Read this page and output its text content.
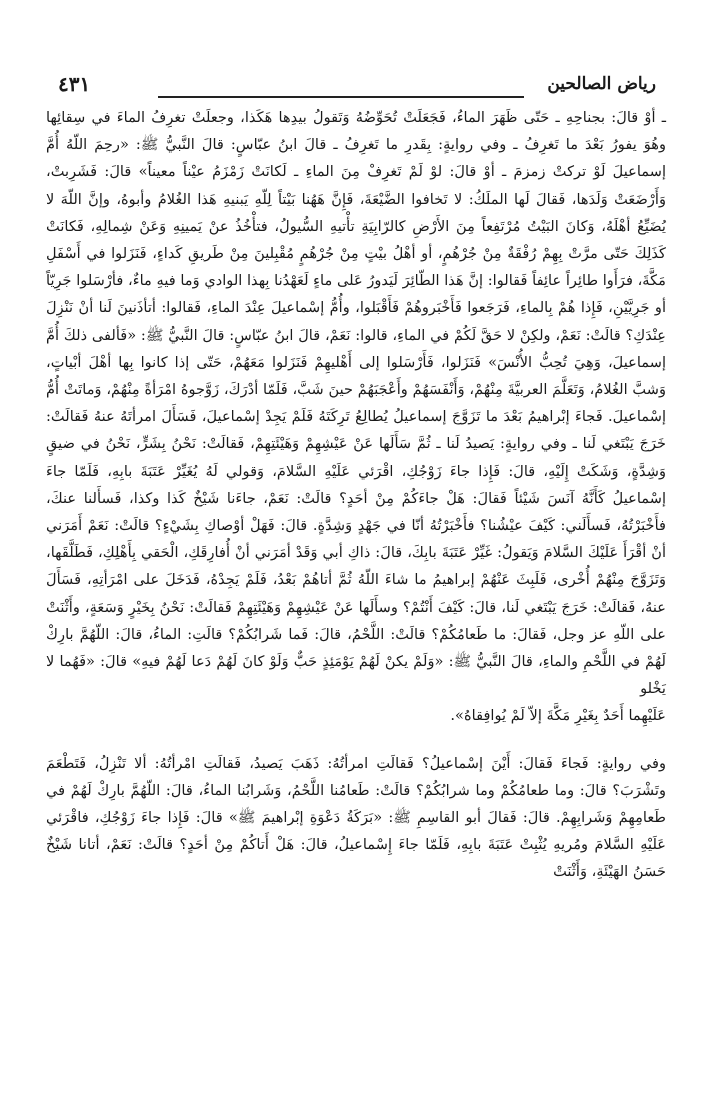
رياض الصالحين
٤٣١

ـ أوْ قالَ: بجناحِهِ ـ حَتّى ظَهَرَ الماءُ، فَجَعَلَتْ تُحَوِّضُهُ وَتَقولُ بيدِها هَكَذا، وجعلَتْ تغرِفُ الماءَ في سِقائِها وهُوَ يفورُ بَعْدَ ما تَغرِفُ ـ وفي روايةٍ: بِقَدرِ ما تَغرِفُ ـ قالَ ابنُ عبّاسٍ: قالَ النَّبيُّ ﷺ: «رحِمَ اللّهُ أُمَّ إسماعيلَ لَوْ تركتْ زمزمَ ـ أوْ قالَ: لوْ لَمْ تَغرِفْ مِنَ الماءِ ـ لَكانَتْ زَمْزَمُ عيْناً معيناً» قالَ: فَشَرِبتْ، وَأَرْضَعَتْ وَلَدَها، فَقالَ لَها الملَكُ: لا تَخافوا الضَّيْعَةَ، فَإِنَّ هَهُنا بَيْتاً لِلّهِ يَبنيهِ هَذا الغُلامُ وأبوهُ، وإنَّ اللّهَ لا يُضَيِّعُ أهْلَهُ، وَكانَ البَيْتُ مُرْتَفِعاً مِنَ الأَرْضِ كالرّابِيَةِ تأْتيهِ السُّيولُ، فتأْخُذُ عنْ يَمينِهِ وَعَنْ شِمالِهِ، فَكانَتْ كَذَلِكَ حَتّى مرَّتْ بِهِمْ رُفْقَةٌ مِنْ جُرْهُمٍ، أو أهْلُ بيْتٍ مِنْ جُرْهُمٍ مُقْبِلينَ مِنْ طَريقِ كَداءٍ، فَنَزَلوا في أَسْفَلِ مَكَّةَ، فرَأَوا طائِراً عائِفاً فَقالوا: إنَّ هَذا الطّائِرَ لَيَدورُ عَلى ماءٍ لَعَهْدُنا بِهذا الوادي وَما فيهِ ماءٌ، فأرْسَلوا جَرِيّاً أو جَرِيَّيْنِ، فَإِذا هُمْ بِالماءِ، فَرَجَعوا فَأَخْبَروهُمْ فَأَقْبَلوا، وأُمُّ إسْماعيلَ عِنْدَ الماءِ، فَقالوا: أتأذَنينَ لَنا أنْ نَنْزِلَ عِنْدَكِ؟ قالَتْ: نَعَمْ، ولكِنْ لا حَقَّ لَكُمْ في الماءِ، قالوا: نَعَمْ، قالَ ابنُ عبّاسٍ: قالَ النَّبيُّ ﷺ: «فَألفى ذلكَ أُمَّ إسماعيلَ، وَهِيَ تُحِبُّ الأُنْسَ» فَنَزَلوا، فَأَرْسَلوا إلى أَهْليهِمْ فَنَزَلوا مَعَهُمْ، حَتّى إذا كانوا بِها أهْلَ أبْياتٍ، وَشبَّ الغُلامُ، وَتَعَلَّمَ العربيَّةَ مِنْهُمْ، وَأَنْفَسَهُمْ وأَعْجَبَهُمْ حينَ شَبَّ، فَلَمّا أدْرَكَ، زَوَّجوهُ امْرَأةً مِنْهُمْ، وَماتَتْ أُمُّ إسْماعيلَ. فَجاءَ إبْراهيمُ بَعْدَ ما تَزَوَّجَ إسماعيلُ يُطالِعُ تَرِكَتَهُ فَلَمْ يَجِدْ إسْماعيلَ، فَسَأَلَ امرأتَهُ عنهُ فَقالَتْ: خَرَجَ يَبْتَغي لَنا ـ وفي روايةٍ: يَصيدُ لَنا ـ ثُمَّ سَأَلَها عَنْ عَيْشِهِمْ وَهَيْئَتِهِمْ، فَقالَتْ: نَحْنُ بِشَرٍّ، نَحْنُ في ضيقٍ وَشِدَّةٍ، وَشَكَتْ إِلَيْهِ، قالَ: فَإِذا جاءَ زَوْجُكِ، اقْرَئي عَلَيْهِ السَّلامَ، وَقولي لَهُ يُغَيِّرْ عَتَبَةَ بابِهِ، فَلَمّا جاءَ إسْماعيلُ كَأَنَّهُ آنَسَ شَيْئاً فَقالَ: هَلْ جاءَكُمْ مِنْ أحَدٍ؟ قالَتْ: نَعَمْ، جاءَنا شَيْخٌ كَذا وكذا، فَسأَلنا عنكَ، فأَخْبَرْتُهُ، فَسأَلَني: كَيْفَ عيْشُنا؟ فأَخْبَرْتُهُ أنّا في جَهْدٍ وَشِدَّةٍ. قالَ: فَهَلْ أوْصاكِ بِشَيْءٍ؟ قالَتْ: نَعَمْ أَمَرَني أنْ أقْرَأَ عَلَيْكَ السَّلامَ وَيَقولُ: غَيِّرْ عَتَبَةَ بابِكَ، قالَ: ذاكِ أبي وَقَدْ أمَرَني أنْ أُفارِقَكِ، الْحَقي بِأَهْلِكِ، فَطَلَّقَها، وَتَزَوَّجَ مِنْهُمْ أُخْرى، فَلَبِثَ عَنْهُمْ إبراهيمُ ما شاءَ اللّهُ ثُمَّ أتاهُمْ بَعْدُ، فَلَمْ يَجِدْهُ، فَدَخَلَ على امْرَأتِهِ، فَسَأَلَ عنهُ، فَقالَتْ: خَرَجَ يَبْتَغي لَنا، قالَ: كَيْفَ أَنْتُمْ؟ وسأَلَها عَنْ عَيْشِهِمْ وَهَيْئَتِهِمْ فَقالَتْ: نَحْنُ بِخَيْرٍ وَسَعَةٍ، وأَثْنَتْ على اللّهِ عز وجل، فَقالَ: ما طَعامُكُمْ؟ قالَتْ: اللَّحْمُ، قالَ: فَما شَرابُكُمْ؟ قالَتِ: الماءُ، قالَ: اللّهُمَّ بارِكْ لَهُمْ في اللَّحْمِ والماءِ، قالَ النَّبيُّ ﷺ: «وَلَمْ يكنْ لَهُمْ يَوْمَئِذٍ حَبٌّ وَلَوْ كانَ لَهُمْ دَعا لَهُمْ فيهِ» قالَ: «فَهُما لا يَخْلو

عَلَيْهِما أَحَدٌ بِغَيْرِ مَكَّةَ إلاّ لَمْ يُوافِقاهُ».

وفي روايةٍ: فَجاءَ فَقالَ: أَيْنَ إسْماعيلُ؟ فَقالَتِ امرأتُهُ: ذَهَبَ يَصيدُ، فَقالَتِ امْرأتُهُ: ألا تَنْزِلُ، فَتَطْعَمَ وتَشْرَبَ؟ قالَ: وما طعامُكُمْ وما شرابُكُمْ؟ قالَتْ: طَعامُنا اللَّحْمُ، وَشَرابُنا الماءُ، قالَ: اللّهُمَّ بارِكْ لَهُمْ في طَعامِهِمْ وَشَرابِهِمْ. قالَ: فَقالَ أبو القاسِمِ ﷺ: «بَرَكَةُ دَعْوَةِ إبْراهيمَ ﷺ» قالَ: فَإِذا جاءَ زَوْجُكِ، فاقْرَئي عَلَيْهِ السَّلامَ ومُريهِ يُثْبِتْ عَتَبَةَ بابِهِ، فَلَمّا جاءَ إِسْماعيلُ، قالَ: هَلْ أَتاكُمْ مِنْ أحَدٍ؟ قالَتْ: نَعَمْ، أتانا شَيْخٌ حَسَنُ الهَيْئَةِ، وَأَثْنَتْ
